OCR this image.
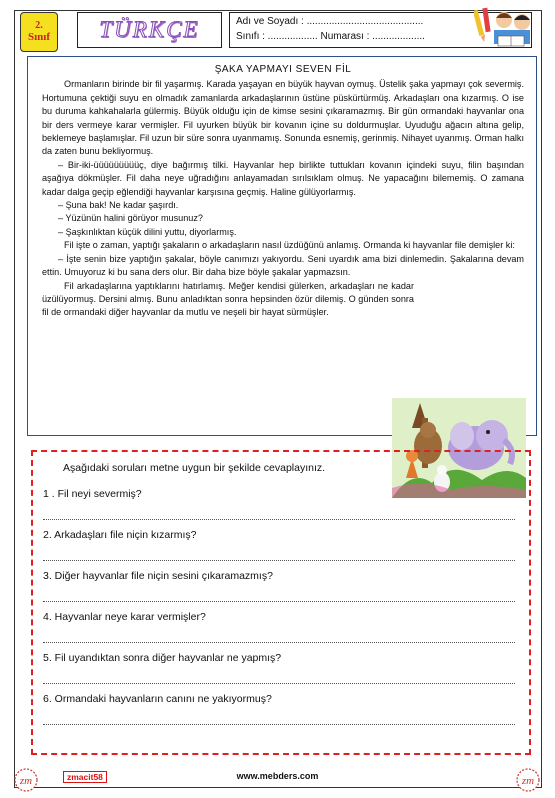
2.
Sınıf	TÜRKÇE	Adı ve Soyadı : ..........................................
Sınıfı : .................. Numarası : ...................
ŞAKA YAPMAYI SEVEN FİL

Ormanların birinde bir fil yaşarmış. Karada yaşayan en büyük hayvan oymuş. Üstelik şaka yapmayı çok severmiş. Hortumuna çektiği suyu en olmadık zamanlarda arkadaşlarının üstüne püskürtürmüş. Arkadaşları ona kızarmış. O ise bu duruma kahkahalarla gülermiş. Büyük olduğu için de kimse sesini çıkaramazmış. Bir gün ormandaki hayvanlar ona bir ders vermeye karar vermişler. Fil uyurken büyük bir kovanın içine su doldurmuşlar. Uyuduğu ağacın altına gelip, beklemeye başlamışlar. Fil uzun bir süre sonra uyanmamış. Sonunda esnemiş, gerinmiş. Nihayet uyanmış. Orman halkı da zaten bunu bekliyormuş.

– Bir-iki-üüüüüüüüüç, diye bağırmış tilki. Hayvanlar hep birlikte tuttukları kovanın içindeki suyu, filin başından aşağıya dökmüşler. Fil daha neye uğradığını anlayamadan sırılsıklam olmuş. Ne yapacağını bilememiş. O zamana kadar dalga geçip eğlendiği hayvanlar karşısına geçmiş. Haline gülüyorlarmış.

– Şuna bak! Ne kadar şaşırdı.

– Yüzünün halini görüyor musunuz?

– Şaşkınlıktan küçük dilini yuttu, diyorlarmış.

Fil işte o zaman, yaptığı şakaların o arkadaşların nasıl üzdüğünü anlamış. Ormanda ki hayvanlar file demişler ki:

– İşte senin bize yaptığın şakalar, böyle canımızı yakıyordu. Seni uyardık ama bizi dinlemedin. Şakalarına devam ettin. Umuyoruz ki bu sana ders olur. Bir daha bize böyle şakalar yapmazsın.

Fil arkadaşlarına yaptıklarını hatırlamış. Meğer kendisi gülerken, arkadaşları ne kadar üzülüyormuş. Dersini almış. Bunu anladıktan sonra hepsinden özür dilemiş. O günden sonra fil de ormandaki diğer hayvanlar da mutlu ve neşeli bir hayat sürmüşler.

Aşağıdaki soruları metne uygun bir şekilde cevaplayınız.
1 . Fil neyi severmiş?
2. Arkadaşları file niçin kızarmış?
3. Diğer hayvanlar file niçin sesini çıkaramazmış?
4. Hayvanlar neye karar vermişler?
5. Fil uyandıktan sonra diğer hayvanlar ne yapmış?
6. Ormandaki hayvanların canını ne yakıyormuş?
zm	zmacit58	www.mebders.com	zm
